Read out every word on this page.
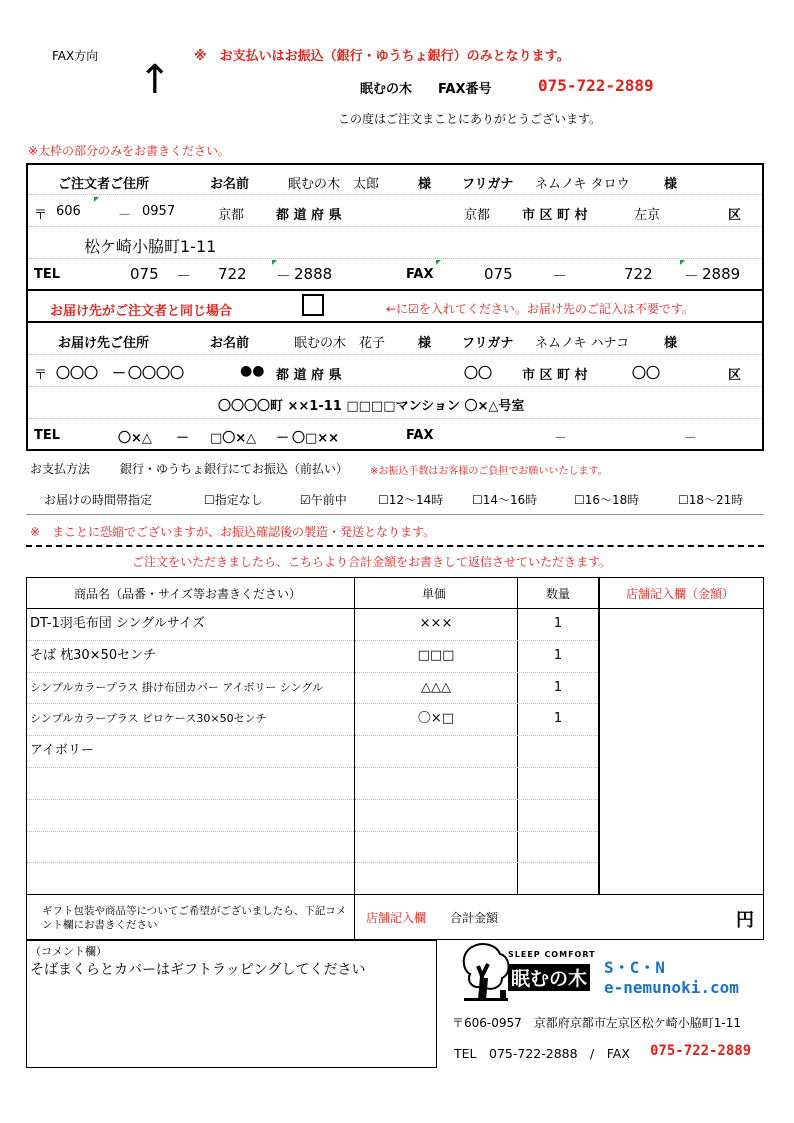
FAX方向
↑
※　お支払いはお振込（銀行・ゆうちょ銀行）のみとなります。
眠むの木 FAX番号	075-722-2889
この度はご注文まことにありがとうございます。
※太枠の部分のみをお書きください。
ご注文者ご住所	お名前	眠むの木　太郎	様 フリガナ ネムノキ タロウ	様
〒 606	－ 0957	京都 都 道 府 県	京都 市 区 町 村	左京	区
松ケ崎小脇町1-11
TEL	075 － 722 － 2888	FAX	075	－	722 － 2889
お届け先がご注文者と同じ場合	←に☑を入れてください。お届け先のご記入は不要です。
お届け先ご住所	お名前	眠むの木　花子	様 フリガナ ネムノキ ハナコ	様
〒 〇〇〇 － 〇〇〇〇	●● 都 道 府 県	〇〇 市 区 町 村	〇〇	区
〇〇〇〇町 ××1-11 □□□□マンション 〇×△号室
TEL	〇×△ － □〇×△ － 〇□××	FAX	－	－
お支払方法 銀行・ゆうちょ銀行にてお振込（前払い） ※お振込手数はお客様のご負担でお願いいたします。
お届けの時間帯指定	☐指定なし	☑午前中	☐12～14時 ☐14～16時	☐16～18時	☐18～21時
※　まことに恐縮でございますが、お振込確認後の製造・発送となります。
ご注文をいただきましたら、こちらより合計金額をお書きして返信させていただきます。
商品名（品番・サイズ等お書きください）	単価	数量	店舗記入欄（金額）
DT-1羽毛布団 シングルサイズ	×××	1
そば 枕30×50センチ	□□□	1
シンプルカラープラス 掛け布団カバー アイボリー シングル	△△△	1
シンプルカラープラス ピロケース30×50センチ	〇×□	1
アイボリー
ギフト包装や商品等についてご希望がございましたら、下記コメント欄にお書きください	店舗記入欄 合計金額	円
（コメント欄）
そばまくらとカバーはギフトラッピングしてください
SLEEP COMFORT
眠むの木
S・C・N
e-nemunoki.com
〒606-0957　京都府京都市左京区松ケ崎小脇町1-11
TEL　075-722-2888　/　FAX 075-722-2889
